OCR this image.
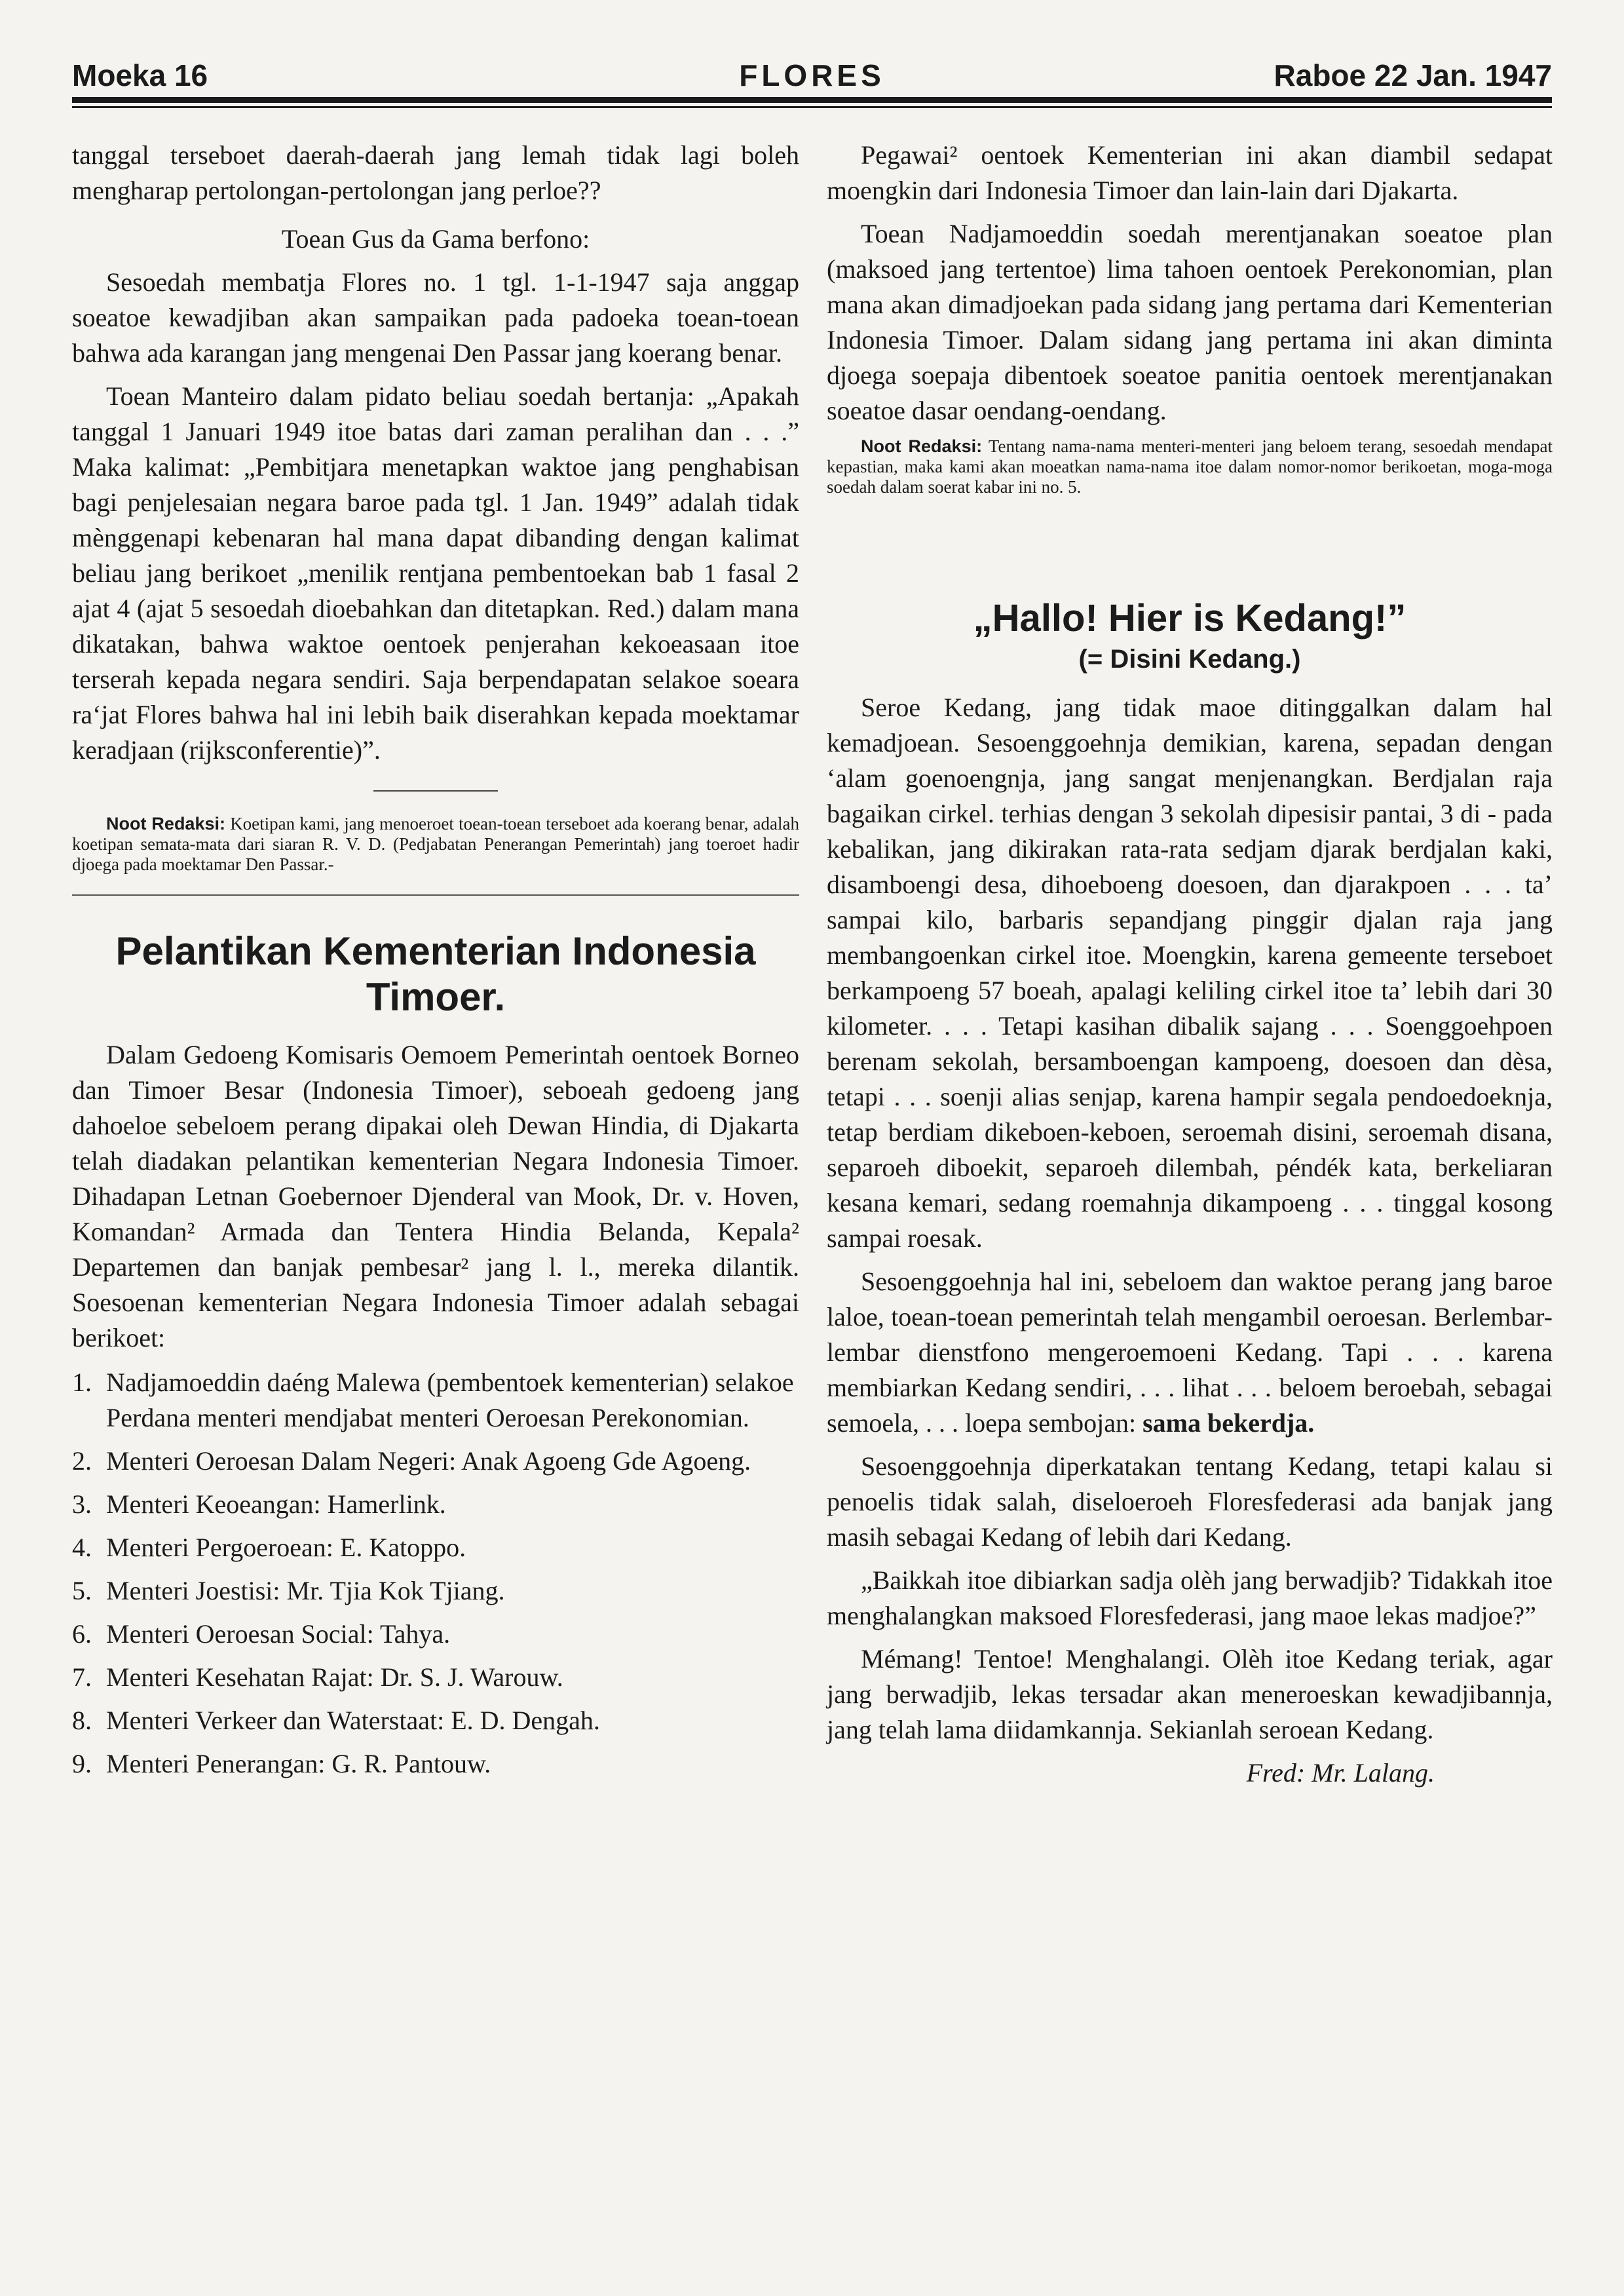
Moeka 16	FLORES	Raboe 22 Jan. 1947

tanggal terseboet daerah-daerah jang lemah tidak lagi boleh mengharap pertolongan-pertolongan jang perloe??

Toean Gus da Gama berfono:

Sesoedah membatja Flores no. 1 tgl. 1-1-1947 saja anggap soeatoe kewadjiban akan sampaikan pada padoeka toean-toean bahwa ada karangan jang mengenai Den Passar jang koerang benar.

Toean Manteiro dalam pidato beliau soedah bertanja: „Apakah tanggal 1 Januari 1949 itoe batas dari zaman peralihan dan . . .” Maka kalimat: „Pembitjara menetapkan waktoe jang penghabisan bagi penjelesaian negara baroe pada tgl. 1 Jan. 1949” adalah tidak mènggenapi kebenaran hal mana dapat dibanding dengan kalimat beliau jang berikoet „menilik rentjana pembentoekan bab 1 fasal 2 ajat 4 (ajat 5 sesoedah dioebahkan dan ditetapkan. Red.) dalam mana dikatakan, bahwa waktoe oentoek penjerahan kekoeasaan itoe terserah kepada negara sendiri. Saja berpendapatan selakoe soeara ra‘jat Flores bahwa hal ini lebih baik diserahkan kepada moektamar keradjaan (rijksconferentie)”.

Noot Redaksi: Koetipan kami, jang menoeroet toean-toean terseboet ada koerang benar, adalah koetipan semata-mata dari siaran R. V. D. (Pedjabatan Penerangan Pemerintah) jang toeroet hadir djoega pada moektamar Den Passar.-

Pelantikan Kementerian Indonesia Timoer.

Dalam Gedoeng Komisaris Oemoem Pemerintah oentoek Borneo dan Timoer Besar (Indonesia Timoer), seboeah gedoeng jang dahoeloe sebeloem perang dipakai oleh Dewan Hindia, di Djakarta telah diadakan pelantikan kementerian Negara Indonesia Timoer. Dihadapan Letnan Goebernoer Djenderal van Mook, Dr. v. Hoven, Komandan² Armada dan Tentera Hindia Belanda, Kepala² Departemen dan banjak pembesar² jang l. l., mereka dilantik. Soesoenan kementerian Negara Indonesia Timoer adalah sebagai berikoet:

1. Nadjamoeddin daéng Malewa (pembentoek kementerian) selakoe Perdana menteri mendjabat menteri Oeroesan Perekonomian.
2. Menteri Oeroesan Dalam Negeri: Anak Agoeng Gde Agoeng.
3. Menteri Keoeangan: Hamerlink.
4. Menteri Pergoeroean: E. Katoppo.
5. Menteri Joestisi: Mr. Tjia Kok Tjiang.
6. Menteri Oeroesan Social: Tahya.
7. Menteri Kesehatan Rajat: Dr. S. J. Warouw.
8. Menteri Verkeer dan Waterstaat: E. D. Dengah.
9. Menteri Penerangan: G. R. Pantouw.

Pegawai² oentoek Kementerian ini akan diambil sedapat moengkin dari Indonesia Timoer dan lain-lain dari Djakarta.

Toean Nadjamoeddin soedah merentjanakan soeatoe plan (maksoed jang tertentoe) lima tahoen oentoek Perekonomian, plan mana akan dimadjoekan pada sidang jang pertama dari Kementerian Indonesia Timoer. Dalam sidang jang pertama ini akan diminta djoega soepaja dibentoek soeatoe panitia oentoek merentjanakan soeatoe dasar oendang-oendang.

Noot Redaksi: Tentang nama-nama menteri-menteri jang beloem terang, sesoedah mendapat kepastian, maka kami akan moeatkan nama-nama itoe dalam nomor-nomor berikoetan, moga-moga soedah dalam soerat kabar ini no. 5.

„Hallo! Hier is Kedang!”
(= Disini Kedang.)

Seroe Kedang, jang tidak maoe ditinggalkan dalam hal kemadjoean. Sesoenggoehnja demikian, karena, sepadan dengan ‘alam goenoengnja, jang sangat menjenangkan. Berdjalan raja bagaikan cirkel. terhias dengan 3 sekolah dipesisir pantai, 3 di - pada kebalikan, jang dikirakan rata-rata sedjam djarak berdjalan kaki, disamboengi desa, dihoeboeng doesoen, dan djarakpoen . . . ta’ sampai kilo, barbaris sepandjang pinggir djalan raja jang membangoenkan cirkel itoe. Moengkin, karena gemeente terseboet berkampoeng 57 boeah, apalagi keliling cirkel itoe ta’ lebih dari 30 kilometer. . . . Tetapi kasihan dibalik sajang . . . Soenggoehpoen berenam sekolah, bersamboengan kampoeng, doesoen dan dèsa, tetapi . . . soenji alias senjap, karena hampir segala pendoedoeknja, tetap berdiam dikeboen-keboen, seroemah disini, seroemah disana, separoeh diboekit, separoeh dilembah, péndék kata, berkeliaran kesana kemari, sedang roemahnja dikampoeng . . . tinggal kosong sampai roesak.

Sesoenggoehnja hal ini, sebeloem dan waktoe perang jang baroe laloe, toean-toean pemerintah telah mengambil oeroesan. Berlembar-lembar dienstfono mengeroemoeni Kedang. Tapi . . . karena membiarkan Kedang sendiri, . . . lihat . . . beloem beroebah, sebagai semoela, . . . loepa sembojan: sama bekerdja.

Sesoenggoehnja diperkatakan tentang Kedang, tetapi kalau si penoelis tidak salah, diseloeroeh Floresfederasi ada banjak jang masih sebagai Kedang of lebih dari Kedang.

„Baikkah itoe dibiarkan sadja olèh jang berwadjib? Tidakkah itoe menghalangkan maksoed Floresfederasi, jang maoe lekas madjoe?”

Mémang! Tentoe! Menghalangi. Olèh itoe Kedang teriak, agar jang berwadjib, lekas tersadar akan meneroeskan kewadjibannja, jang telah lama diidamkannja. Sekianlah seroean Kedang.

Fred: Mr. Lalang.
